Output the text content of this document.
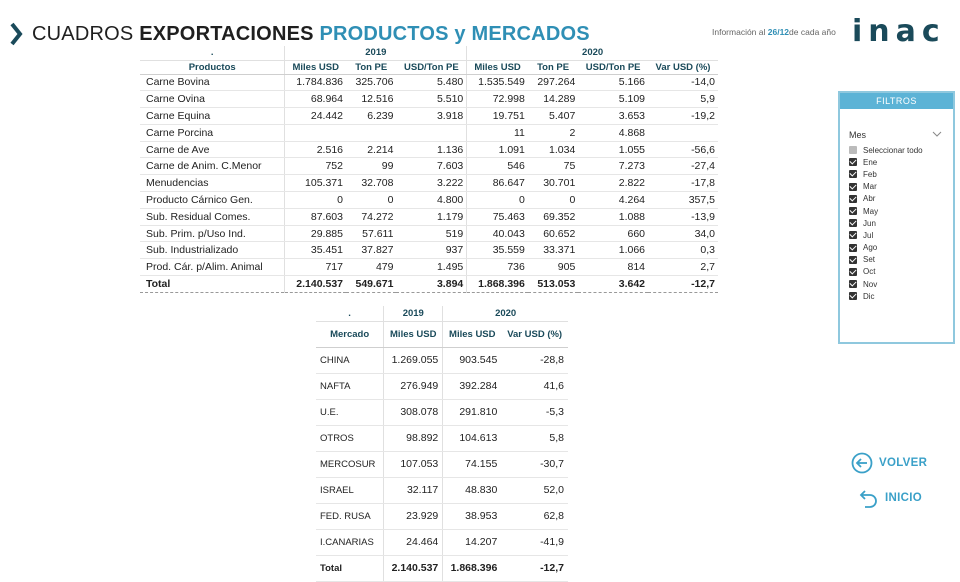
CUADROS EXPORTACIONES PRODUCTOS y MERCADOS	Información al 26/12de cada año inac
.	2019			2020			
Productos	Miles USD	Ton PE	USD/Ton PE	Miles USD	Ton PE	USD/Ton PE	Var USD (%)
Carne Bovina	1.784.836	325.706	5.480	1.535.549	297.264	5.166	-14,0
Carne Ovina	68.964	12.516	5.510	72.998	14.289	5.109	5,9
Carne Equina	24.442	6.239	3.918	19.751	5.407	3.653	-19,2
Carne Porcina				11	2	4.868	
Carne de Ave	2.516	2.214	1.136	1.091	1.034	1.055	-56,6
Carne de Anim. C.Menor	752	99	7.603	546	75	7.273	-27,4
Menudencias	105.371	32.708	3.222	86.647	30.701	2.822	-17,8
Producto Cárnico Gen.	0	0	4.800	0	0	4.264	357,5
Sub. Residual Comes.	87.603	74.272	1.179	75.463	69.352	1.088	-13,9
Sub. Prim. p/Uso Ind.	29.885	57.611	519	40.043	60.652	660	34,0
Sub. Industrializado	35.451	37.827	937	35.559	33.371	1.066	0,3
Prod. Cár. p/Alim. Animal	717	479	1.495	736	905	814	2,7
Total	2.140.537	549.671	3.894	1.868.396	513.053	3.642	-12,7
.	2019	2020	
Mercado	Miles USD	Miles USD	Var USD (%)
CHINA	1.269.055	903.545	-28,8
NAFTA	276.949	392.284	41,6
U.E.	308.078	291.810	-5,3
OTROS	98.892	104.613	5,8
MERCOSUR	107.053	74.155	-30,7
ISRAEL	32.117	48.830	52,0
FED. RUSA	23.929	38.953	62,8
I.CANARIAS	24.464	14.207	-41,9
Total	2.140.537	1.868.396	-12,7
FILTROS
Mes
Seleccionar todo
Ene
Feb
Mar
Abr
May
Jun
Jul
Ago
Set
Oct
Nov
Dic
VOLVER
INICIO
